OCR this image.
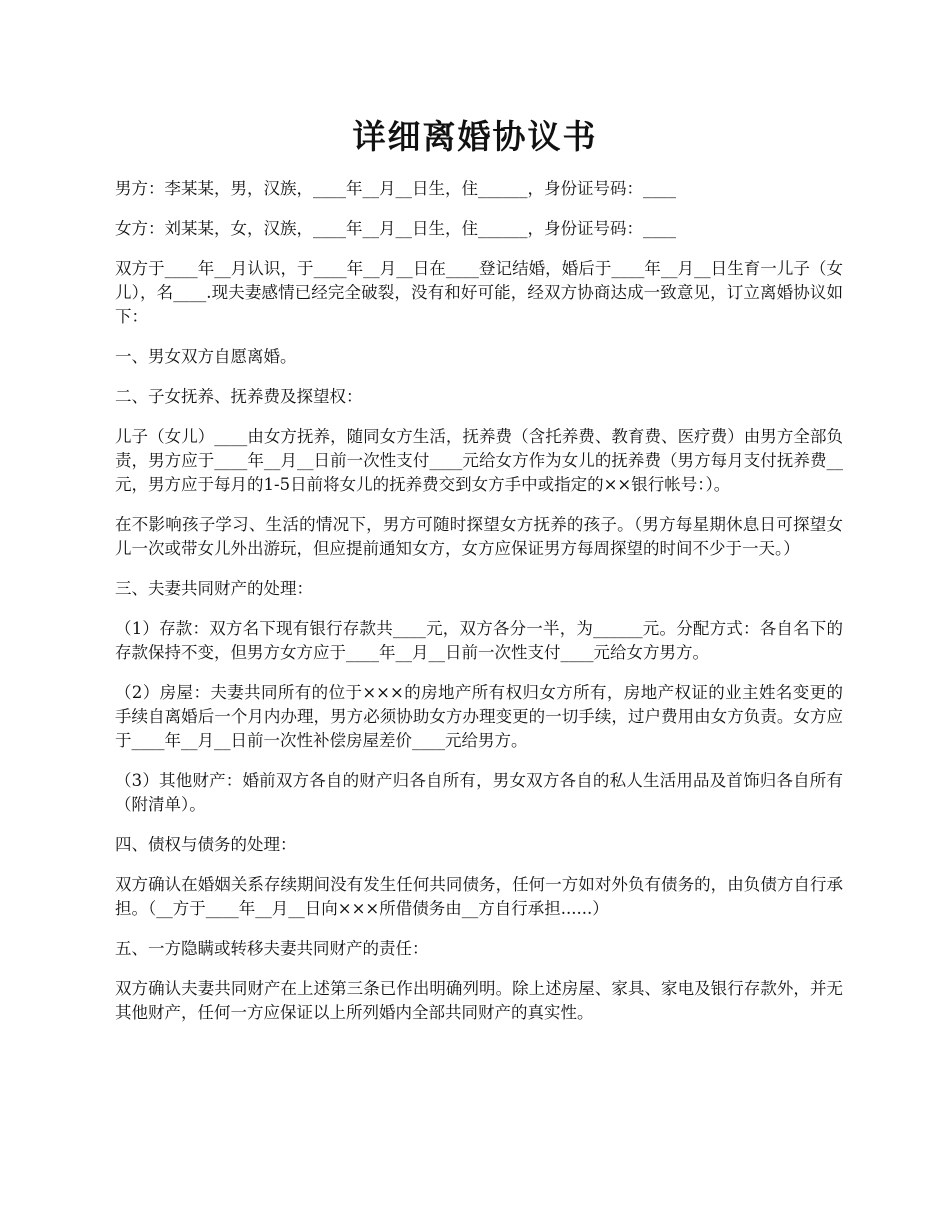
详细离婚协议书

男方：李某某，男，汉族，____年__月__日生，住______，身份证号码：____

女方：刘某某，女，汉族，____年__月__日生，住______，身份证号码：____

双方于____年__月认识，于____年__月__日在____登记结婚，婚后于____年__月__日生育一儿子（女儿），名____.现夫妻感情已经完全破裂，没有和好可能，经双方协商达成一致意见，订立离婚协议如下：

一、男女双方自愿离婚。

二、子女抚养、抚养费及探望权：

儿子（女儿）____由女方抚养，随同女方生活，抚养费（含托养费、教育费、医疗费）由男方全部负责，男方应于____年__月__日前一次性支付____元给女方作为女儿的抚养费（男方每月支付抚养费__元，男方应于每月的1-5日前将女儿的抚养费交到女方手中或指定的××银行帐号：）。

在不影响孩子学习、生活的情况下，男方可随时探望女方抚养的孩子。（男方每星期休息日可探望女儿一次或带女儿外出游玩，但应提前通知女方，女方应保证男方每周探望的时间不少于一天。）

三、夫妻共同财产的处理：

（1）存款：双方名下现有银行存款共____元，双方各分一半，为______元。分配方式：各自名下的存款保持不变，但男方女方应于____年__月__日前一次性支付____元给女方男方。

（2）房屋：夫妻共同所有的位于×××的房地产所有权归女方所有，房地产权证的业主姓名变更的手续自离婚后一个月内办理，男方必须协助女方办理变更的一切手续，过户费用由女方负责。女方应于____年__月__日前一次性补偿房屋差价____元给男方。

（3）其他财产：婚前双方各自的财产归各自所有，男女双方各自的私人生活用品及首饰归各自所有（附清单）。

四、债权与债务的处理：

双方确认在婚姻关系存续期间没有发生任何共同债务，任何一方如对外负有债务的，由负债方自行承担。（__方于____年__月__日向×××所借债务由__方自行承担......）

五、一方隐瞒或转移夫妻共同财产的责任：

双方确认夫妻共同财产在上述第三条已作出明确列明。除上述房屋、家具、家电及银行存款外，并无其他财产，任何一方应保证以上所列婚内全部共同财产的真实性。
